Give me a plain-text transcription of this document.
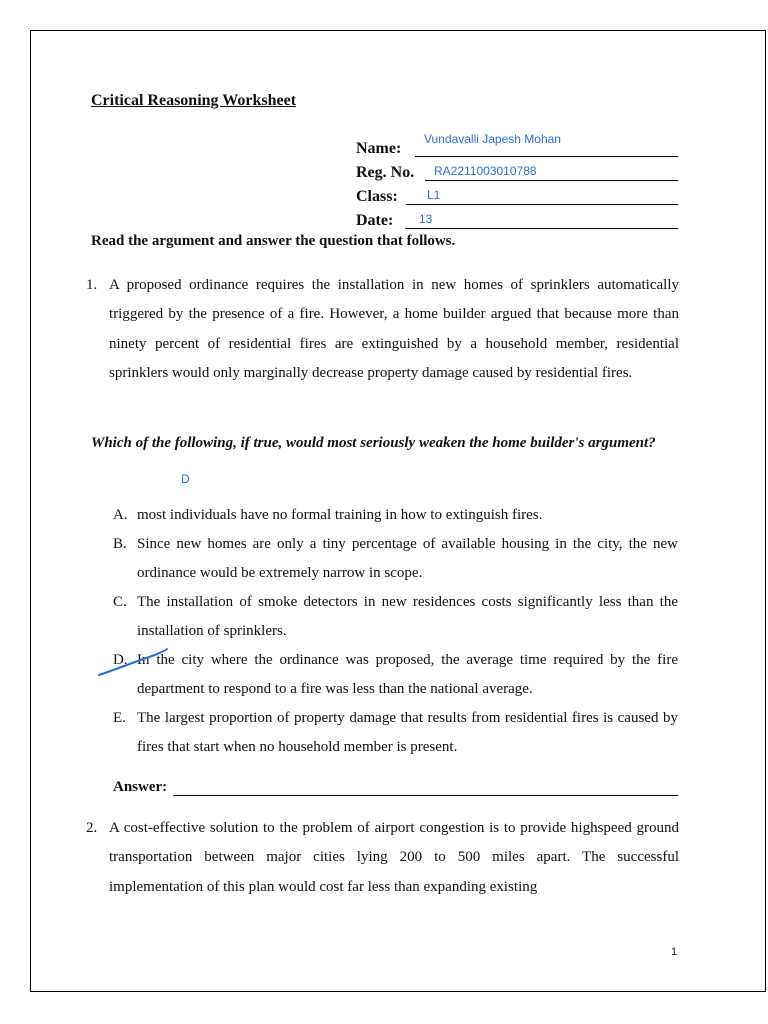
Critical Reasoning Worksheet
Name:
Vundavalli Japesh Mohan
Reg. No. RA2211003010788
Class: L1
Date: 13
Read the argument and answer the question that follows.
1. A proposed ordinance requires the installation in new homes of sprinklers automatically triggered by the presence of a fire. However, a home builder argued that because more than ninety percent of residential fires are extinguished by a household member, residential sprinklers would only marginally decrease property damage caused by residential fires.
Which of the following, if true, would most seriously weaken the home builder's argument?
D
A. most individuals have no formal training in how to extinguish fires.
B. Since new homes are only a tiny percentage of available housing in the city, the new ordinance would be extremely narrow in scope.
C. The installation of smoke detectors in new residences costs significantly less than the installation of sprinklers.
D. In the city where the ordinance was proposed, the average time required by the fire department to respond to a fire was less than the national average.
E. The largest proportion of property damage that results from residential fires is caused by fires that start when no household member is present.
Answer:
2. A cost-effective solution to the problem of airport congestion is to provide highspeed ground transportation between major cities lying 200 to 500 miles apart. The successful implementation of this plan would cost far less than expanding existing
1
